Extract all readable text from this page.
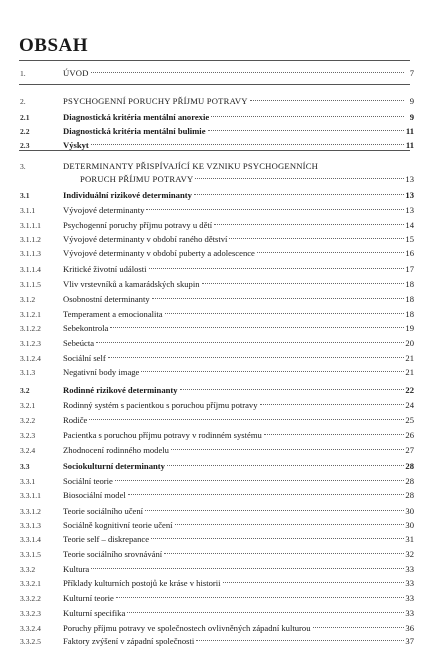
OBSAH
1.	ÚVOD	7
2.	PSYCHOGENNÍ PORUCHY PŘÍJMU POTRAVY	9
2.1	Diagnostická kritéria mentální anorexie	9
2.2	Diagnostická kritéria mentální bulimie	11
2.3	Výskyt	11
3.	DETERMINANTY PŘISPÍVAJÍCÍ KE VZNIKU PSYCHOGENNÍCH
PORUCH PŘÍJMU POTRAVY	13
3.1	Individuální rizikové determinanty	13
3.1.1	Vývojové determinanty	13
3.1.1.1	Psychogenní poruchy příjmu potravy u dětí	14
3.1.1.2	Vývojové determinanty v období raného dětství	15
3.1.1.3	Vývojové determinanty v období puberty a adolescence	16
3.1.1.4	Kritické životní události	17
3.1.1.5	Vliv vrstevníků a kamarádských skupin	18
3.1.2	Osobnostní determinanty	18
3.1.2.1	Temperament a emocionalita	18
3.1.2.2	Sebekontrola	19
3.1.2.3	Sebeúcta	20
3.1.2.4	Sociální self	21
3.1.3	Negativní body image	21
3.2	Rodinné rizikové determinanty	22
3.2.1	Rodinný systém s pacientkou s poruchou příjmu potravy	24
3.2.2	Rodiče	25
3.2.3	Pacientka s poruchou příjmu potravy v rodinném systému	26
3.2.4	Zhodnocení rodinného modelu	27
3.3	Sociokulturní determinanty	28
3.3.1	Sociální teorie	28
3.3.1.1	Biosociální model	28
3.3.1.2	Teorie sociálního učení	30
3.3.1.3	Sociálně kognitivní teorie učení	30
3.3.1.4	Teorie self – diskrepance	31
3.3.1.5	Teorie sociálního srovnávání	32
3.3.2	Kultura	33
3.3.2.1	Příklady kulturních postojů ke kráse v historii	33
3.3.2.2	Kulturní teorie	33
3.3.2.3	Kulturní specifika	33
3.3.2.4	Poruchy příjmu potravy ve společnostech ovlivněných západní kulturou	36
3.3.2.5	Faktory zvýšení v západní společnosti	37
